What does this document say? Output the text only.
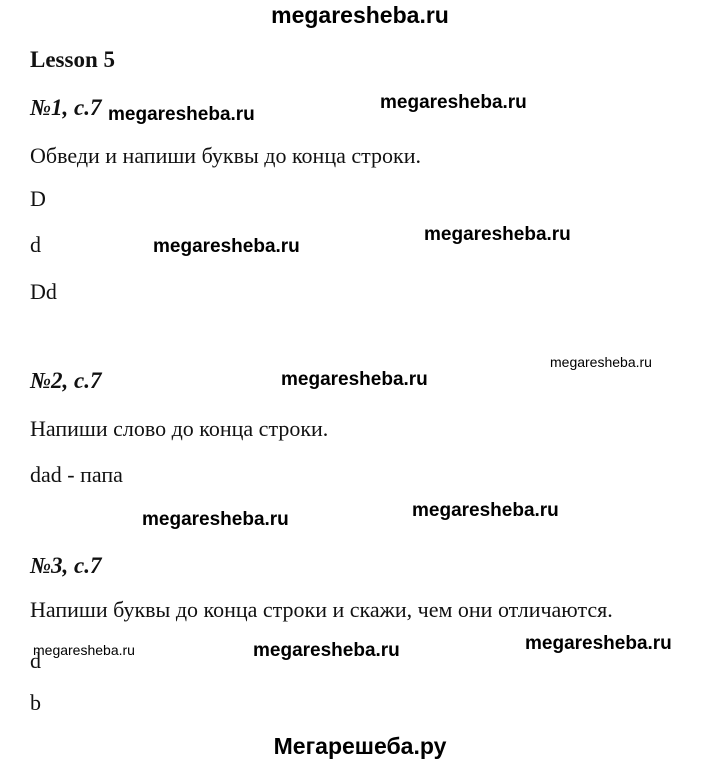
megaresheba.ru
Lesson 5
№1, с.7
Обведи и напиши буквы до конца строки.
D
d
Dd
№2, с.7
Напиши слово до конца строки.
dad - папа
№3, с.7
Напиши буквы до конца строки и скажи, чем они отличаются.
d
b
megaresheba.ru
megaresheba.ru
megaresheba.ru
megaresheba.ru
megaresheba.ru
megaresheba.ru
megaresheba.ru	megaresheba.ru
megaresheba.ru	megaresheba.ru	megaresheba.ru
Мегарешеба.ру
